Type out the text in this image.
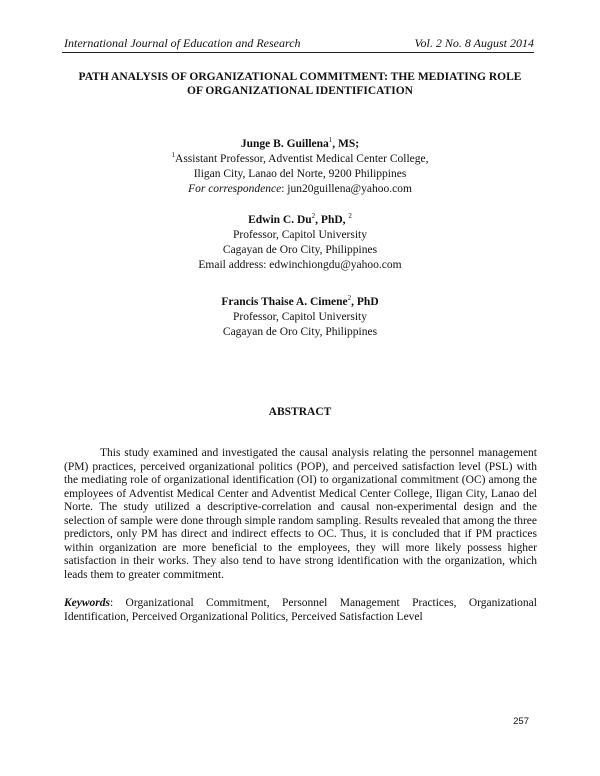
International Journal of Education and Research	Vol. 2 No. 8 August 2014
PATH ANALYSIS OF ORGANIZATIONAL COMMITMENT: THE MEDIATING ROLE
OF ORGANIZATIONAL IDENTIFICATION
Junge B. Guillena$^1$, MS;
$^1$Assistant Professor, Adventist Medical Center College,
Iligan City, Lanao del Norte, 9200 Philippines
For correspondence: jun20guillena@yahoo.com
Edwin C. Du$^2$, PhD, $^2$
Professor, Capitol University
Cagayan de Oro City, Philippines
Email address: edwinchiongdu@yahoo.com
Francis Thaise A. Cimene$^2$, PhD
Professor, Capitol University
Cagayan de Oro City, Philippines
ABSTRACT
This study examined and investigated the causal analysis relating the personnel management (PM) practices, perceived organizational politics (POP), and perceived satisfaction level (PSL) with the mediating role of organizational identification (OI) to organizational commitment (OC) among the employees of Adventist Medical Center and Adventist Medical Center College, Iligan City, Lanao del Norte. The study utilized a descriptive-correlation and causal non-experimental design and the selection of sample were done through simple random sampling. Results revealed that among the three predictors, only PM has direct and indirect effects to OC. Thus, it is concluded that if PM practices within organization are more beneficial to the employees, they will more likely possess higher satisfaction in their works. They also tend to have strong identification with the organization, which leads them to greater commitment.
Keywords: Organizational Commitment, Personnel Management Practices, Organizational Identification, Perceived Organizational Politics, Perceived Satisfaction Level
257
